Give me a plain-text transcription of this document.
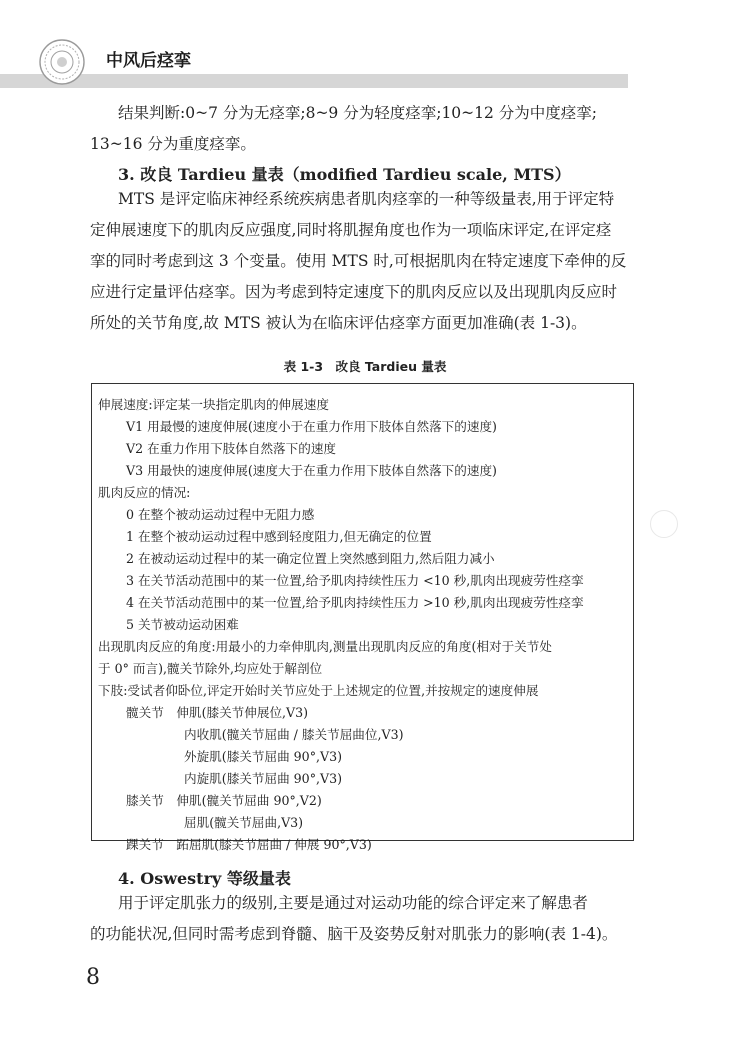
中风后痉挛

结果判断:0~7 分为无痉挛;8~9 分为轻度痉挛;10~12 分为中度痉挛;
13~16 分为重度痉挛。

3. 改良 Tardieu 量表（modified Tardieu scale, MTS）

MTS 是评定临床神经系统疾病患者肌肉痉挛的一种等级量表,用于评定特
定伸展速度下的肌肉反应强度,同时将肌握角度也作为一项临床评定,在评定痉
挛的同时考虑到这 3 个变量。使用 MTS 时,可根据肌肉在特定速度下牵伸的反
应进行定量评估痉挛。因为考虑到特定速度下的肌肉反应以及出现肌肉反应时
所处的关节角度,故 MTS 被认为在临床评估痉挛方面更加准确(表 1-3)。

表 1-3　改良 Tardieu 量表
伸展速度:评定某一块指定肌肉的伸展速度
V1 用最慢的速度伸展(速度小于在重力作用下肢体自然落下的速度)
V2 在重力作用下肢体自然落下的速度
V3 用最快的速度伸展(速度大于在重力作用下肢体自然落下的速度)
肌肉反应的情况:
0 在整个被动运动过程中无阻力感
1 在整个被动运动过程中感到轻度阻力,但无确定的位置
2 在被动运动过程中的某一确定位置上突然感到阻力,然后阻力减小
3 在关节活动范围中的某一位置,给予肌肉持续性压力 <10 秒,肌肉出现疲劳性痉挛
4 在关节活动范围中的某一位置,给予肌肉持续性压力 >10 秒,肌肉出现疲劳性痉挛
5 关节被动运动困难
出现肌肉反应的角度:用最小的力牵伸肌肉,测量出现肌肉反应的角度(相对于关节处
于 0° 而言),髋关节除外,均应处于解剖位
下肢:受试者仰卧位,评定开始时关节应处于上述规定的位置,并按规定的速度伸展
髋关节　伸肌(膝关节伸展位,V3)
内收肌(髋关节屈曲 / 膝关节屈曲位,V3)
外旋肌(膝关节屈曲 90°,V3)
内旋肌(膝关节屈曲 90°,V3)
膝关节　伸肌(髋关节屈曲 90°,V2)
屈肌(髋关节屈曲,V3)
踝关节　跖屈肌(膝关节屈曲 / 伸展 90°,V3)
4. Oswestry 等级量表

用于评定肌张力的级别,主要是通过对运动功能的综合评定来了解患者
的功能状况,但同时需考虑到脊髓、脑干及姿势反射对肌张力的影响(表 1-4)。

8
